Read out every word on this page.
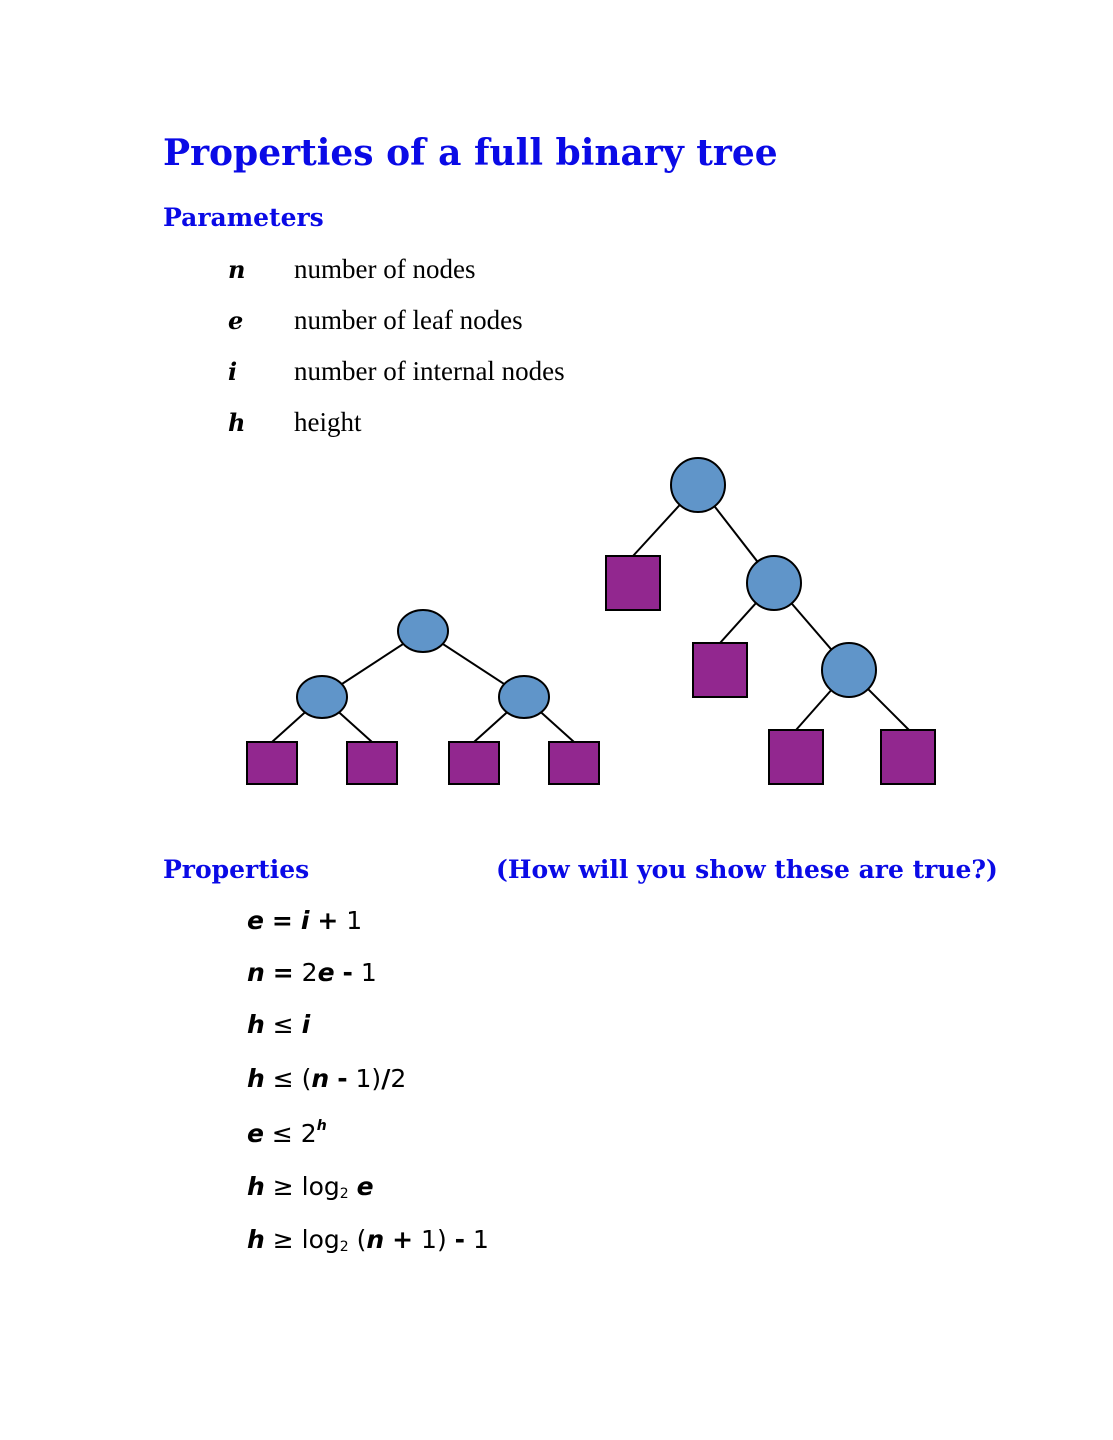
Properties of a full binary tree
Parameters
n number of nodes
e number of leaf nodes
i number of internal nodes
h height
Properties	(How will you show these are true?)
e = i + 1
n = 2e - 1
h ≤ i
h ≤ (n - 1)/2
$e \le 2^h$
$h \ge \log_2 e$
$h \ge \log_2 (n + 1) - 1$
